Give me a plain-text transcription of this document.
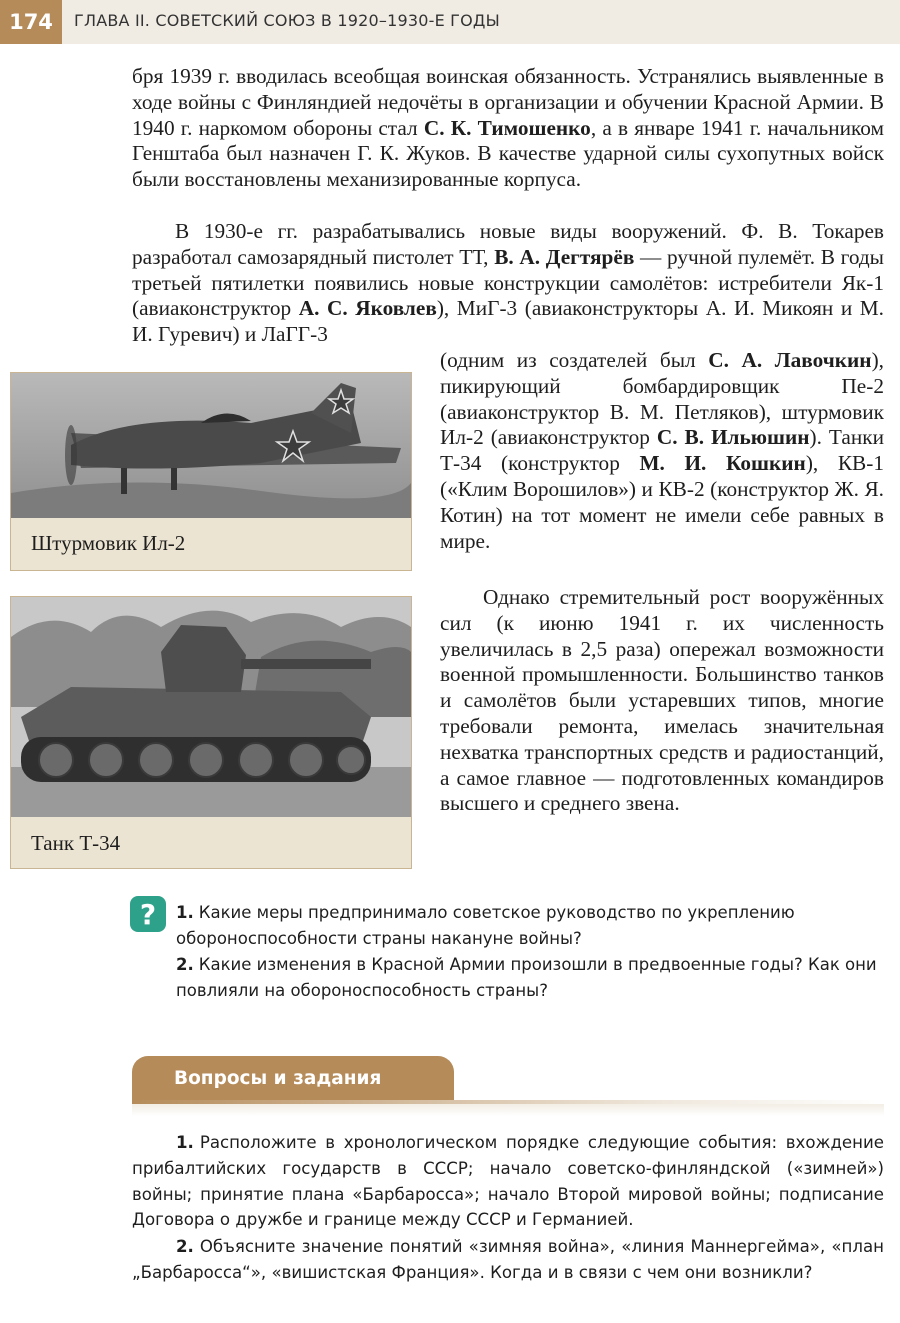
174	ГЛАВА II. СОВЕТСКИЙ СОЮЗ В 1920–1930-Е ГОДЫ

бря 1939 г. вводилась всеобщая воинская обязанность. Устранялись выявленные в ходе войны с Финляндией недочёты в организации и обучении Красной Армии. В 1940 г. наркомом обороны стал С. К. Тимошенко, а в январе 1941 г. начальником Генштаба был назначен Г. К. Жуков. В качестве ударной силы сухопутных войск были восстановлены механизированные корпуса.

В 1930-е гг. разрабатывались новые виды вооружений. Ф. В. Токарев разработал самозарядный пистолет ТТ, В. А. Дегтярёв — ручной пулемёт. В годы третьей пятилетки появились новые конструкции самолётов: истребители Як-1 (авиаконструктор А. С. Яковлев), МиГ-3 (авиаконструкторы А. И. Микоян и М. И. Гуревич) и ЛаГГ-3

(одним из создателей был С. А. Лавочкин), пикирующий бомбардировщик Пе-2 (авиаконструктор В. М. Петляков), штурмовик Ил-2 (авиаконструктор С. В. Ильюшин). Танки Т-34 (конструктор М. И. Кошкин), КВ-1 («Клим Ворошилов») и КВ-2 (конструктор Ж. Я. Котин) на тот момент не имели себе равных в мире.

Однако стремительный рост вооружённых сил (к июню 1941 г. их численность увеличилась в 2,5 раза) опережал возможности военной промышленности. Большинство танков и самолётов были устаревших типов, многие требовали ремонта, имелась значительная нехватка транспортных средств и радиостанций, а самое главное — подготовленных командиров высшего и среднего звена.

Штурмовик Ил-2
Танк Т-34
?	1. Какие меры предпринимало советское руководство по укреплению обороноспособности страны накануне войны?
2. Какие изменения в Красной Армии произошли в предвоенные годы? Как они повлияли на обороноспособность страны?
Вопросы и задания

1. Расположите в хронологическом порядке следующие события: вхождение прибалтийских государств в СССР; начало советско-финляндской («зимней») войны; принятие плана «Барбаросса»; начало Второй мировой войны; подписание Договора о дружбе и границе между СССР и Германией.

2. Объясните значение понятий «зимняя война», «линия Маннергейма», «план „Барбаросса“», «вишистская Франция». Когда и в связи с чем они возникли?
